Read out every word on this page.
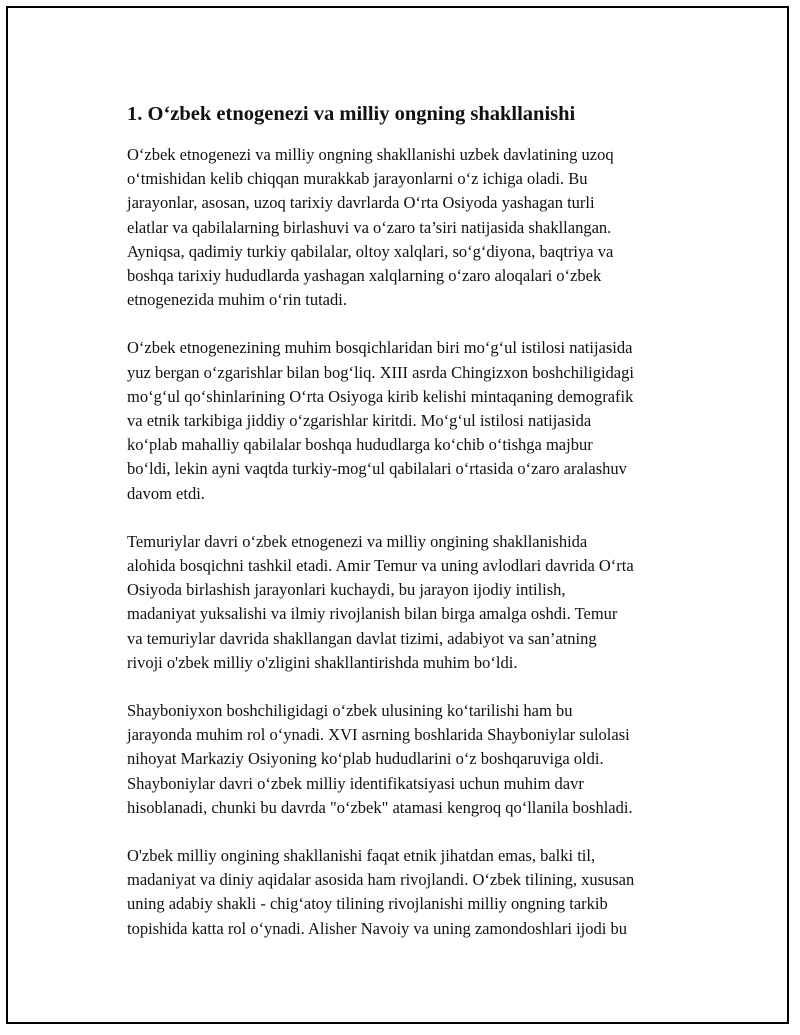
1. O‘zbek etnogenezi va milliy ongning shakllanishi

O‘zbek etnogenezi va milliy ongning shakllanishi uzbek davlatining uzoq
o‘tmishidan kelib chiqqan murakkab jarayonlarni o‘z ichiga oladi. Bu
jarayonlar, asosan, uzoq tarixiy davrlarda O‘rta Osiyoda yashagan turli
elatlar va qabilalarning birlashuvi va o‘zaro ta’siri natijasida shakllangan.
Ayniqsa, qadimiy turkiy qabilalar, oltoy xalqlari, so‘g‘diyona, baqtriya va
boshqa tarixiy hududlarda yashagan xalqlarning o‘zaro aloqalari o‘zbek
etnogenezida muhim o‘rin tutadi.

O‘zbek etnogenezining muhim bosqichlaridan biri mo‘g‘ul istilosi natijasida
yuz bergan o‘zgarishlar bilan bog‘liq. XIII asrda Chingizxon boshchiligidagi
mo‘g‘ul qo‘shinlarining O‘rta Osiyoga kirib kelishi mintaqaning demografik
va etnik tarkibiga jiddiy o‘zgarishlar kiritdi. Mo‘g‘ul istilosi natijasida
ko‘plab mahalliy qabilalar boshqa hududlarga ko‘chib o‘tishga majbur
bo‘ldi, lekin ayni vaqtda turkiy-mog‘ul qabilalari o‘rtasida o‘zaro aralashuv
davom etdi.

Temuriylar davri o‘zbek etnogenezi va milliy ongining shakllanishida
alohida bosqichni tashkil etadi. Amir Temur va uning avlodlari davrida O‘rta
Osiyoda birlashish jarayonlari kuchaydi, bu jarayon ijodiy intilish,
madaniyat yuksalishi va ilmiy rivojlanish bilan birga amalga oshdi. Temur
va temuriylar davrida shakllangan davlat tizimi, adabiyot va san’atning
rivoji o'zbek milliy o'zligini shakllantirishda muhim bo‘ldi.

Shayboniyxon boshchiligidagi o‘zbek ulusining ko‘tarilishi ham bu
jarayonda muhim rol o‘ynadi. XVI asrning boshlarida Shayboniylar sulolasi
nihoyat Markaziy Osiyoning ko‘plab hududlarini o‘z boshqaruviga oldi.
Shayboniylar davri o‘zbek milliy identifikatsiyasi uchun muhim davr
hisoblanadi, chunki bu davrda "o‘zbek" atamasi kengroq qo‘llanila boshladi.

O'zbek milliy ongining shakllanishi faqat etnik jihatdan emas, balki til,
madaniyat va diniy aqidalar asosida ham rivojlandi. O‘zbek tilining, xususan
uning adabiy shakli - chig‘atoy tilining rivojlanishi milliy ongning tarkib
topishida katta rol o‘ynadi. Alisher Navoiy va uning zamondoshlari ijodi bu
